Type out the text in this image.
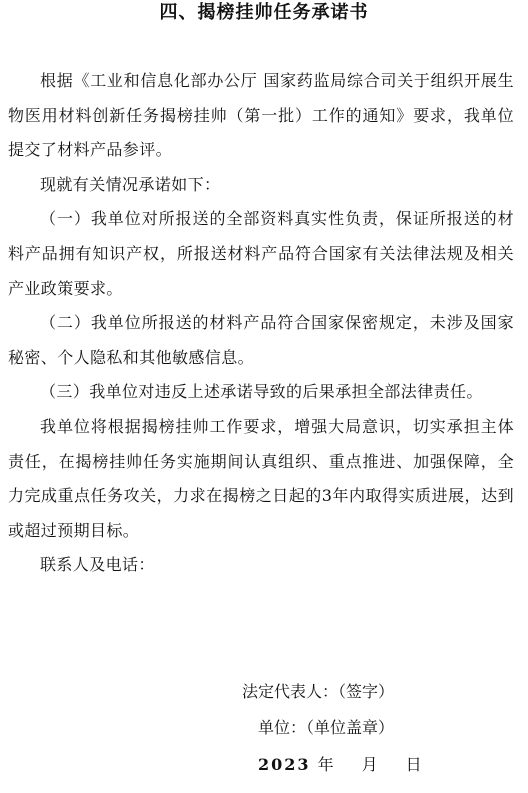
四、揭榜挂帅任务承诺书

根据《工业和信息化部办公厅 国家药监局综合司关于组织开展生物医用材料创新任务揭榜挂帅（第一批）工作的通知》要求，我单位提交了材料产品参评。

现就有关情况承诺如下：

（一）我单位对所报送的全部资料真实性负责，保证所报送的材料产品拥有知识产权，所报送材料产品符合国家有关法律法规及相关产业政策要求。

（二）我单位所报送的材料产品符合国家保密规定，未涉及国家秘密、个人隐私和其他敏感信息。

（三）我单位对违反上述承诺导致的后果承担全部法律责任。

我单位将根据揭榜挂帅工作要求，增强大局意识，切实承担主体责任，在揭榜挂帅任务实施期间认真组织、重点推进、加强保障，全力完成重点任务攻关，力求在揭榜之日起的3年内取得实质进展，达到或超过预期目标。

联系人及电话：

法定代表人：（签字）
单位：（单位盖章）
2023 年 月 日
